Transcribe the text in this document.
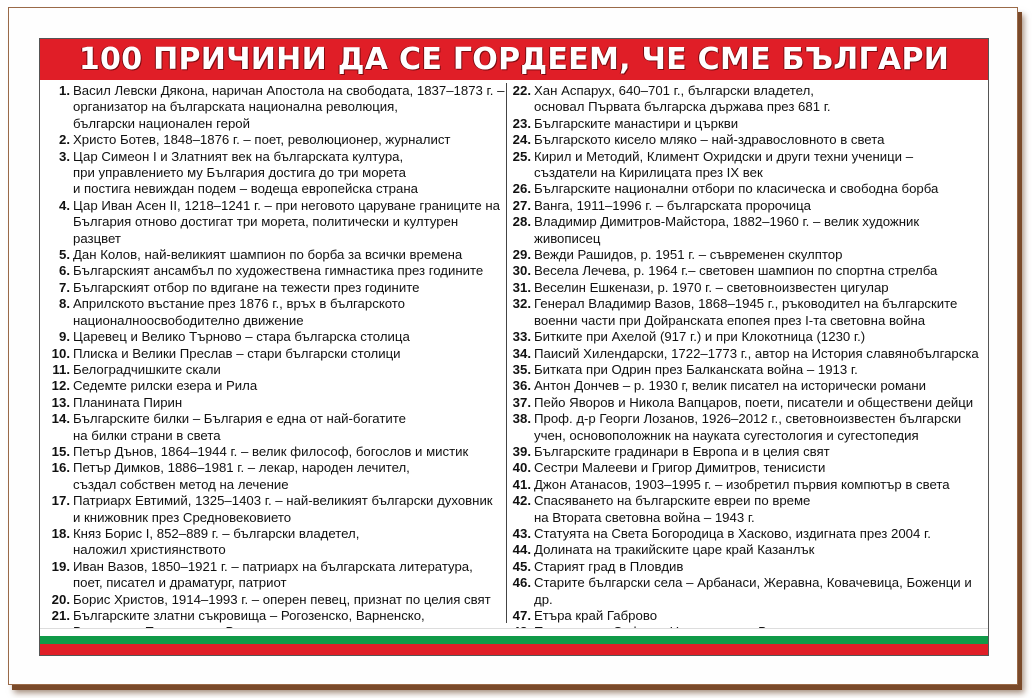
100 ПРИЧИНИ ДА СЕ ГОРДЕЕМ, ЧЕ СМЕ БЪЛГАРИ
1. Васил Левски Дякона, наричан Апостола на свободата, 1837–1873 г. –
организатор на българската национална революция,
български национален герой
2. Христо Ботев, 1848–1876 г. – поет, революционер, журналист
3. Цар Симеон I и Златният век на българската култура,
при управлението му България достига до три морета
и постига невиждан подем – водеща европейска страна
4. Цар Иван Асен II, 1218–1241 г. – при неговото царуване границите на
България отново достигат три морета, политически и културен разцвет
5. Дан Колов, най-великият шампион по борба за всички времена
6. Българският ансамбъл по художествена гимнастика през годините
7. Българският отбор по вдигане на тежести през годините
8. Априлското въстание през 1876 г., връх в българското
националноосвободително движение
9. Царевец и Велико Търново – стара българска столица
10. Плиска и Велики Преслав – стари български столици
11. Белоградчишките скали
12. Седемте рилски езера и Рила
13. Планината Пирин
14. Българските билки – България е една от най-богатите
на билки страни в света
15. Петър Дънов, 1864–1944 г. – велик философ, богослов и мистик
16. Петър Димков, 1886–1981 г. – лекар, народен лечител,
създал собствен метод на лечение
17. Патриарх Евтимий, 1325–1403 г. – най-великият български духовник
и книжовник през Средновековието
18. Княз Борис I, 852–889 г. – български владетел,
наложил християнството
19. Иван Вазов, 1850–1921 г. – патриарх на българската литература,
поет, писател и драматург, патриот
20. Борис Христов, 1914–1993 г. – оперен певец, признат по целия свят
21. Българските златни съкровища – Рогозенско, Варненско,
22. Хан Аспарух, 640–701 г., български владетел,
основал Първата българска държава през 681 г.
23. Българските манастири и църкви
24. Българското кисело мляко – най-здравословното в света
25. Кирил и Методий, Климент Охридски и други техни ученици –
създатели на Кирилицата през IX век
26. Българските национални отбори по класическа и свободна борба
27. Ванга, 1911–1996 г. – българската пророчица
28. Владимир Димитров-Майстора, 1882–1960 г. – велик художник живописец
29. Вежди Рашидов, р. 1951 г. – съвременен скулптор
30. Весела Лечева, р. 1964 г.– световен шампион по спортна стрелба
31. Веселин Ешкенази, р. 1970 г. – световноизвестен цигулар
32. Генерал Владимир Вазов, 1868–1945 г., ръководител на българските
военни части при Дойранската епопея през I-та световна война
33. Битките при Ахелой (917 г.) и при Клокотница (1230 г.)
34. Паисий Хилендарски, 1722–1773 г., автор на История славянобългарска
35. Битката при Одрин през Балканската война – 1913 г.
36. Антон Дончев – р. 1930 г, велик писател на исторически романи
37. Пейо Яворов и Никола Вапцаров, поети, писатели и обществени дейци
38. Проф. д-р Георги Лозанов, 1926–2012 г., световноизвестен български
учен, основоположник на науката сугестология и сугестопедия
39. Българските градинари в Европа и в целия свят
40. Сестри Малееви и Григор Димитров, тенисисти
41. Джон Атанасов, 1903–1995 г. – изобретил първия компютър в света
42. Спасяването на българските евреи по време
на Втората световна война – 1943 г.
43. Статуята на Света Богородица в Хасково, издигната през 2004 г.
44. Долината на тракийските царе край Казанлък
45. Старият град в Пловдив
46. Старите български села – Арбанаси, Жеравна, Ковачевица, Боженци и др.
47. Етъра край Габрово
